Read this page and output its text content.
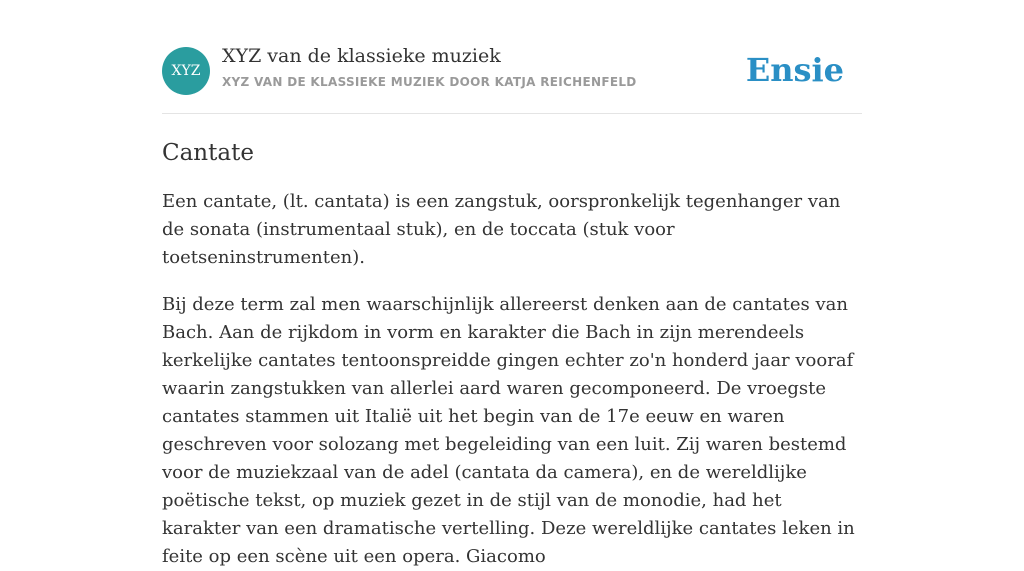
XYZ
XYZ van de klassieke muziek
XYZ VAN DE KLASSIEKE MUZIEK DOOR KATJA REICHENFELD	Ensie
Cantate

Een cantate, (lt. cantata) is een zangstuk, oorspronkelijk tegenhanger van de sonata (instrumentaal stuk), en de toccata (stuk voor toetseninstrumenten).

Bij deze term zal men waarschijnlijk allereerst denken aan de cantates van Bach. Aan de rijkdom in vorm en karakter die Bach in zijn merendeels kerkelijke cantates tentoonspreidde gingen echter zo'n honderd jaar vooraf waarin zangstukken van allerlei aard waren gecomponeerd. De vroegste cantates stammen uit Italië uit het begin van de 17e eeuw en waren geschreven voor solozang met begeleiding van een luit. Zij waren bestemd voor de muziekzaal van de adel (cantata da camera), en de wereldlijke poëtische tekst, op muziek gezet in de stijl van de monodie, had het karakter van een dramatische vertelling. Deze wereldlijke cantates leken in feite op een scène uit een opera. Giacomo
